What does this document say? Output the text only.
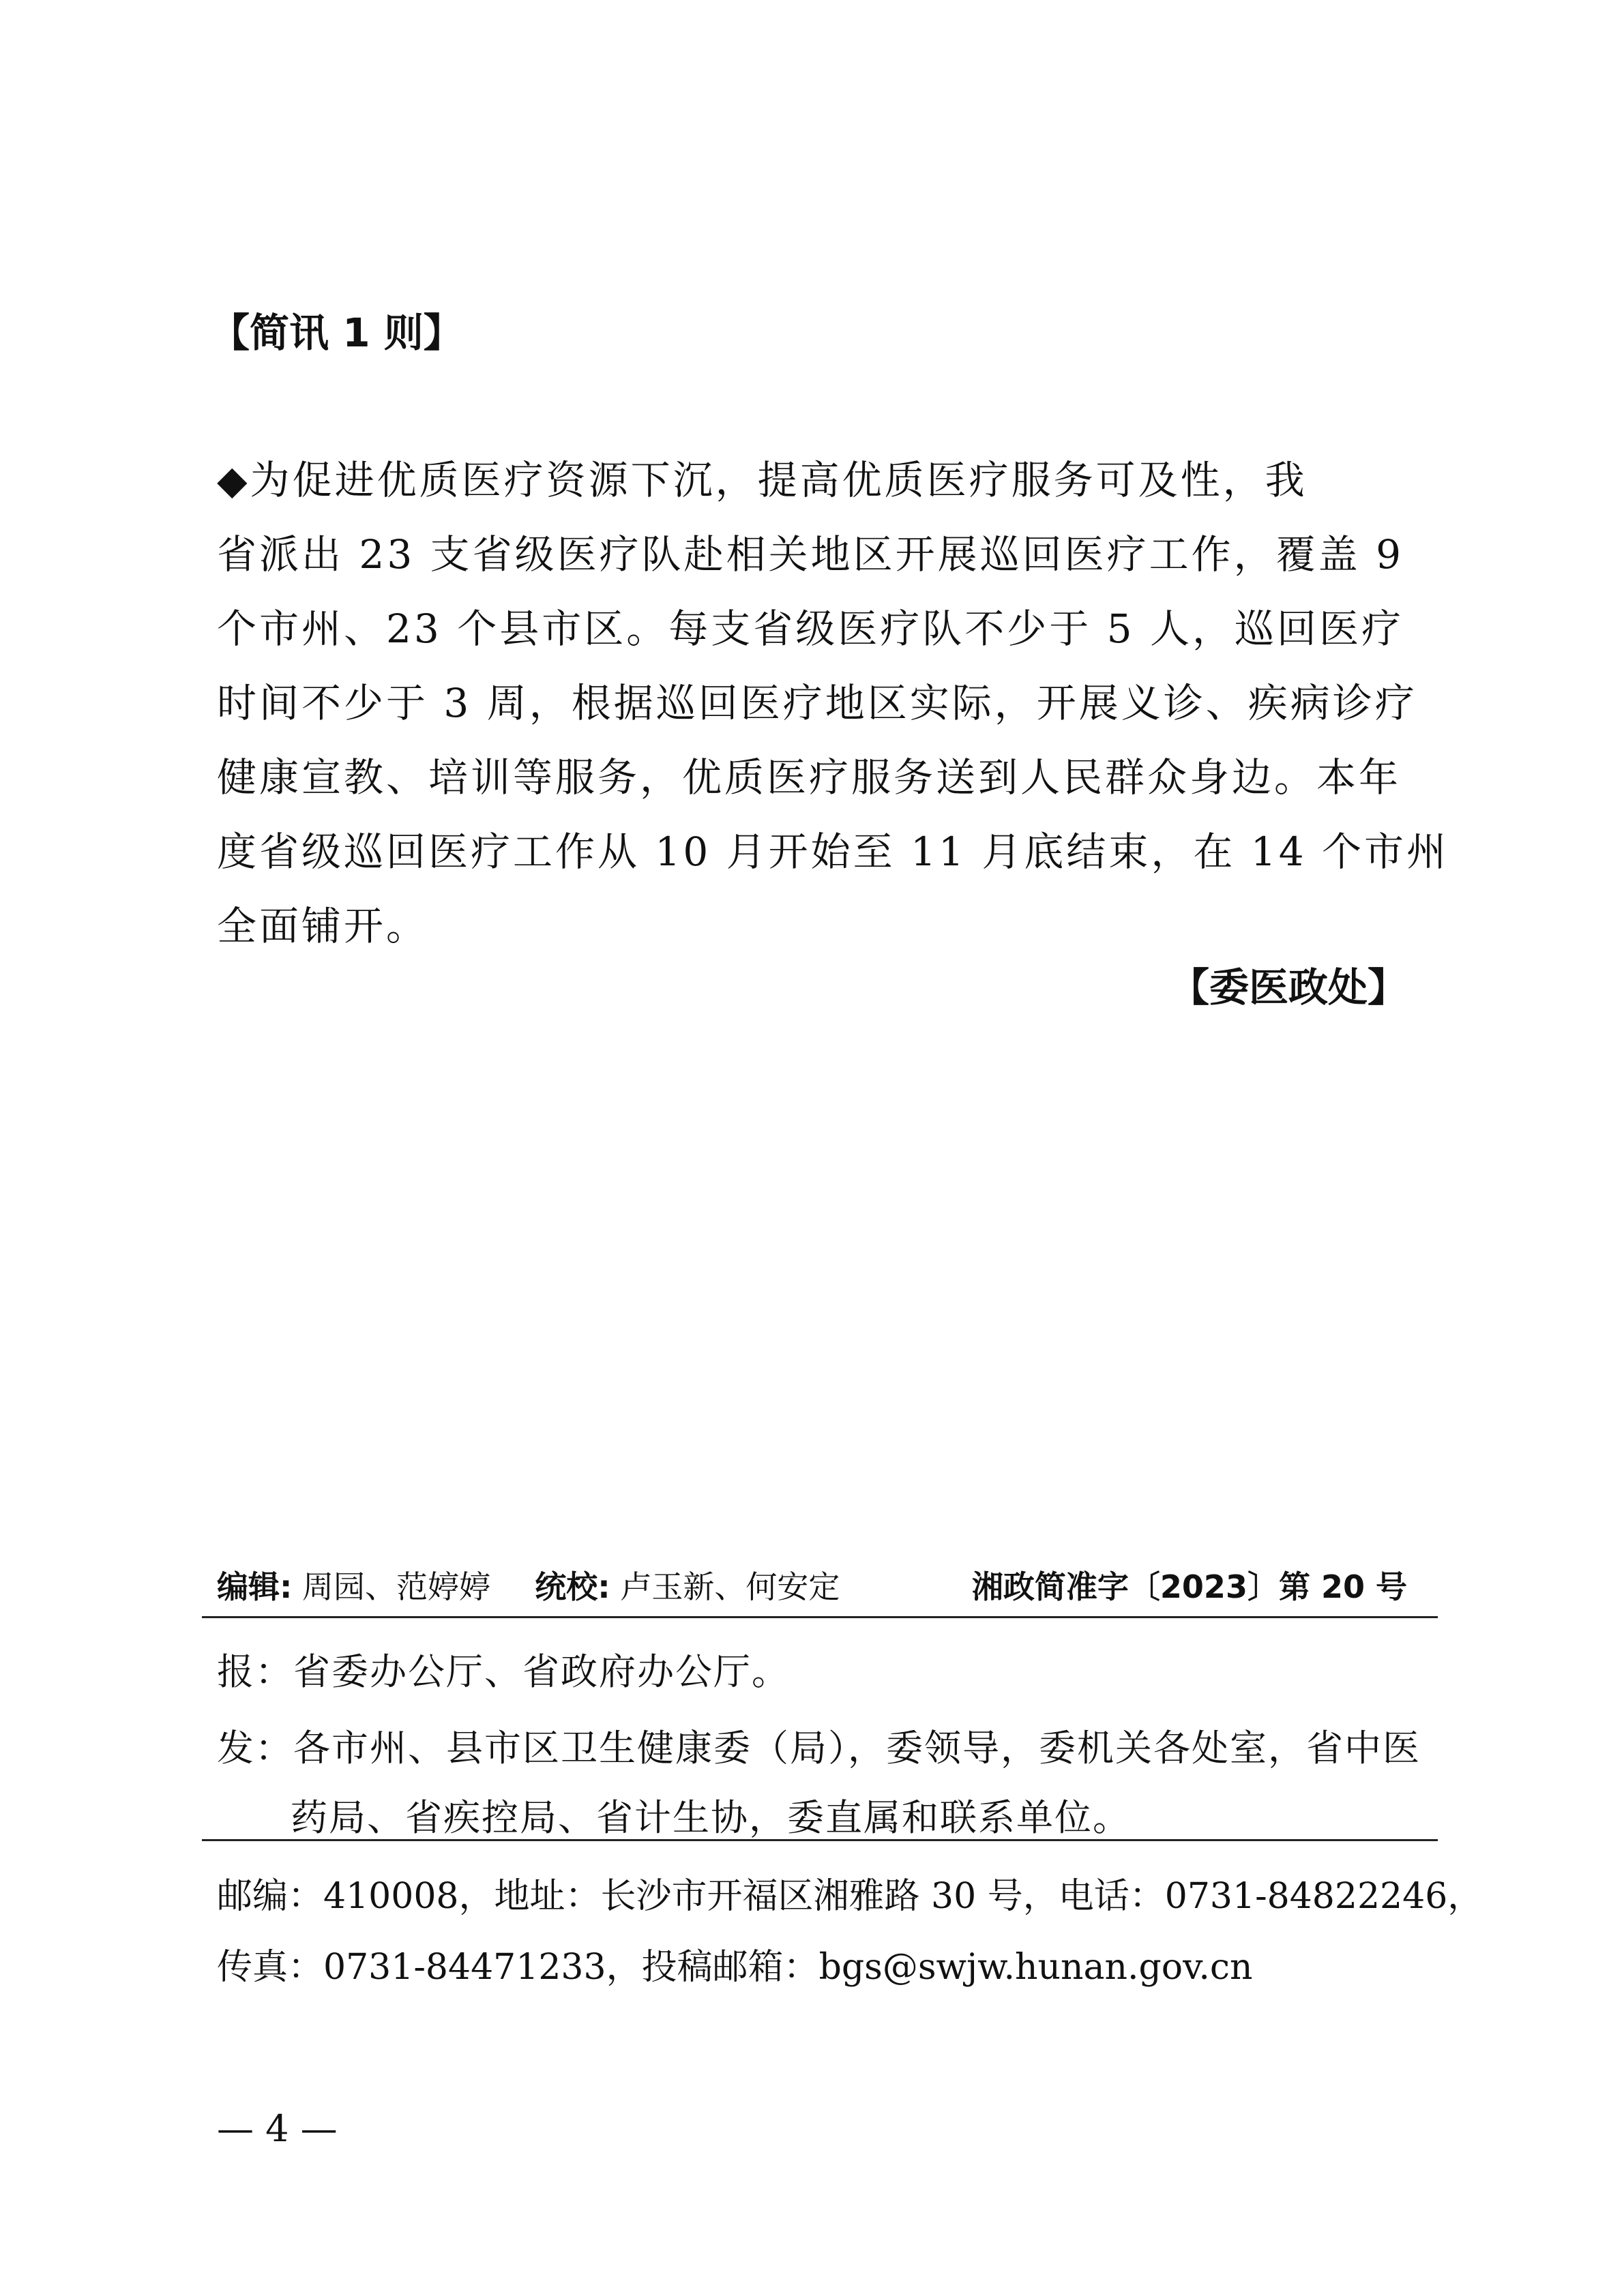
【简讯 1 则】
◆为促进优质医疗资源下沉，提高优质医疗服务可及性，我
省派出 23 支省级医疗队赴相关地区开展巡回医疗工作，覆盖 9
个市州、23 个县市区。每支省级医疗队不少于 5 人，巡回医疗
时间不少于 3 周，根据巡回医疗地区实际，开展义诊、疾病诊疗
健康宣教、培训等服务，优质医疗服务送到人民群众身边。本年
度省级巡回医疗工作从 10 月开始至 11 月底结束，在 14 个市州
全面铺开。
【委医政处】
编辑: 周园、范婷婷 统校: 卢玉新、何安定	湘政简准字〔2023〕第 20 号
报：省委办公厅、省政府办公厅。
发：各市州、县市区卫生健康委（局），委领导，委机关各处室，省中医
药局、省疾控局、省计生协，委直属和联系单位。
邮编：410008，地址：长沙市开福区湘雅路 30 号，电话：0731-84822246，
传真：0731-84471233，投稿邮箱：bgs@swjw.hunan.gov.cn
— 4 —
